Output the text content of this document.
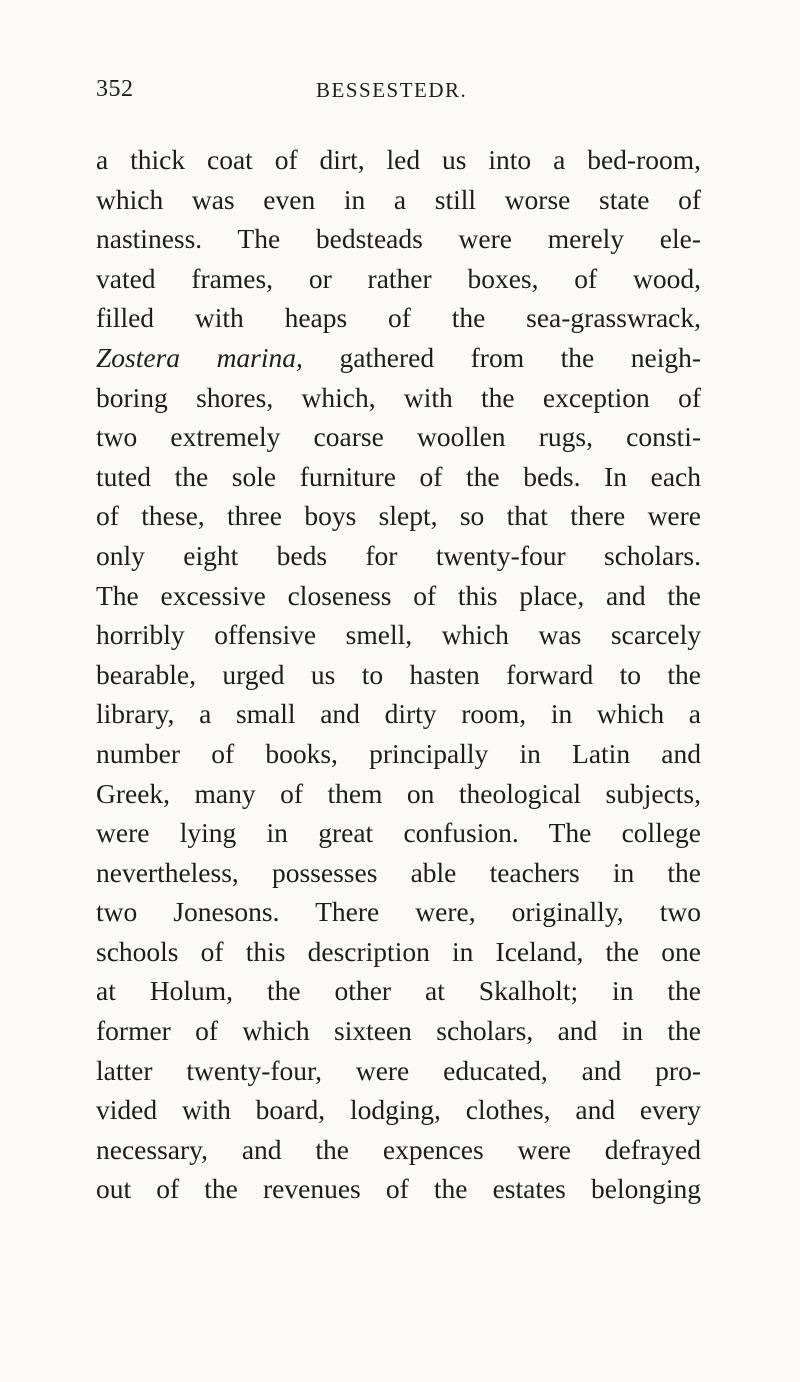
352	BESSESTEDR.
a thick coat of dirt, led us into a bed-room,
which was even in a still worse state of
nastiness. The bedsteads were merely ele-
vated frames, or rather boxes, of wood,
filled with heaps of the sea-grasswrack,
Zostera marina, gathered from the neigh-
boring shores, which, with the exception of
two extremely coarse woollen rugs, consti-
tuted the sole furniture of the beds. In each
of these, three boys slept, so that there were
only eight beds for twenty-four scholars.
The excessive closeness of this place, and the
horribly offensive smell, which was scarcely
bearable, urged us to hasten forward to the
library, a small and dirty room, in which a
number of books, principally in Latin and
Greek, many of them on theological subjects,
were lying in great confusion. The college
nevertheless, possesses able teachers in the
two Jonesons. There were, originally, two
schools of this description in Iceland, the one
at Holum, the other at Skalholt; in the
former of which sixteen scholars, and in the
latter twenty-four, were educated, and pro-
vided with board, lodging, clothes, and every
necessary, and the expences were defrayed
out of the revenues of the estates belonging
